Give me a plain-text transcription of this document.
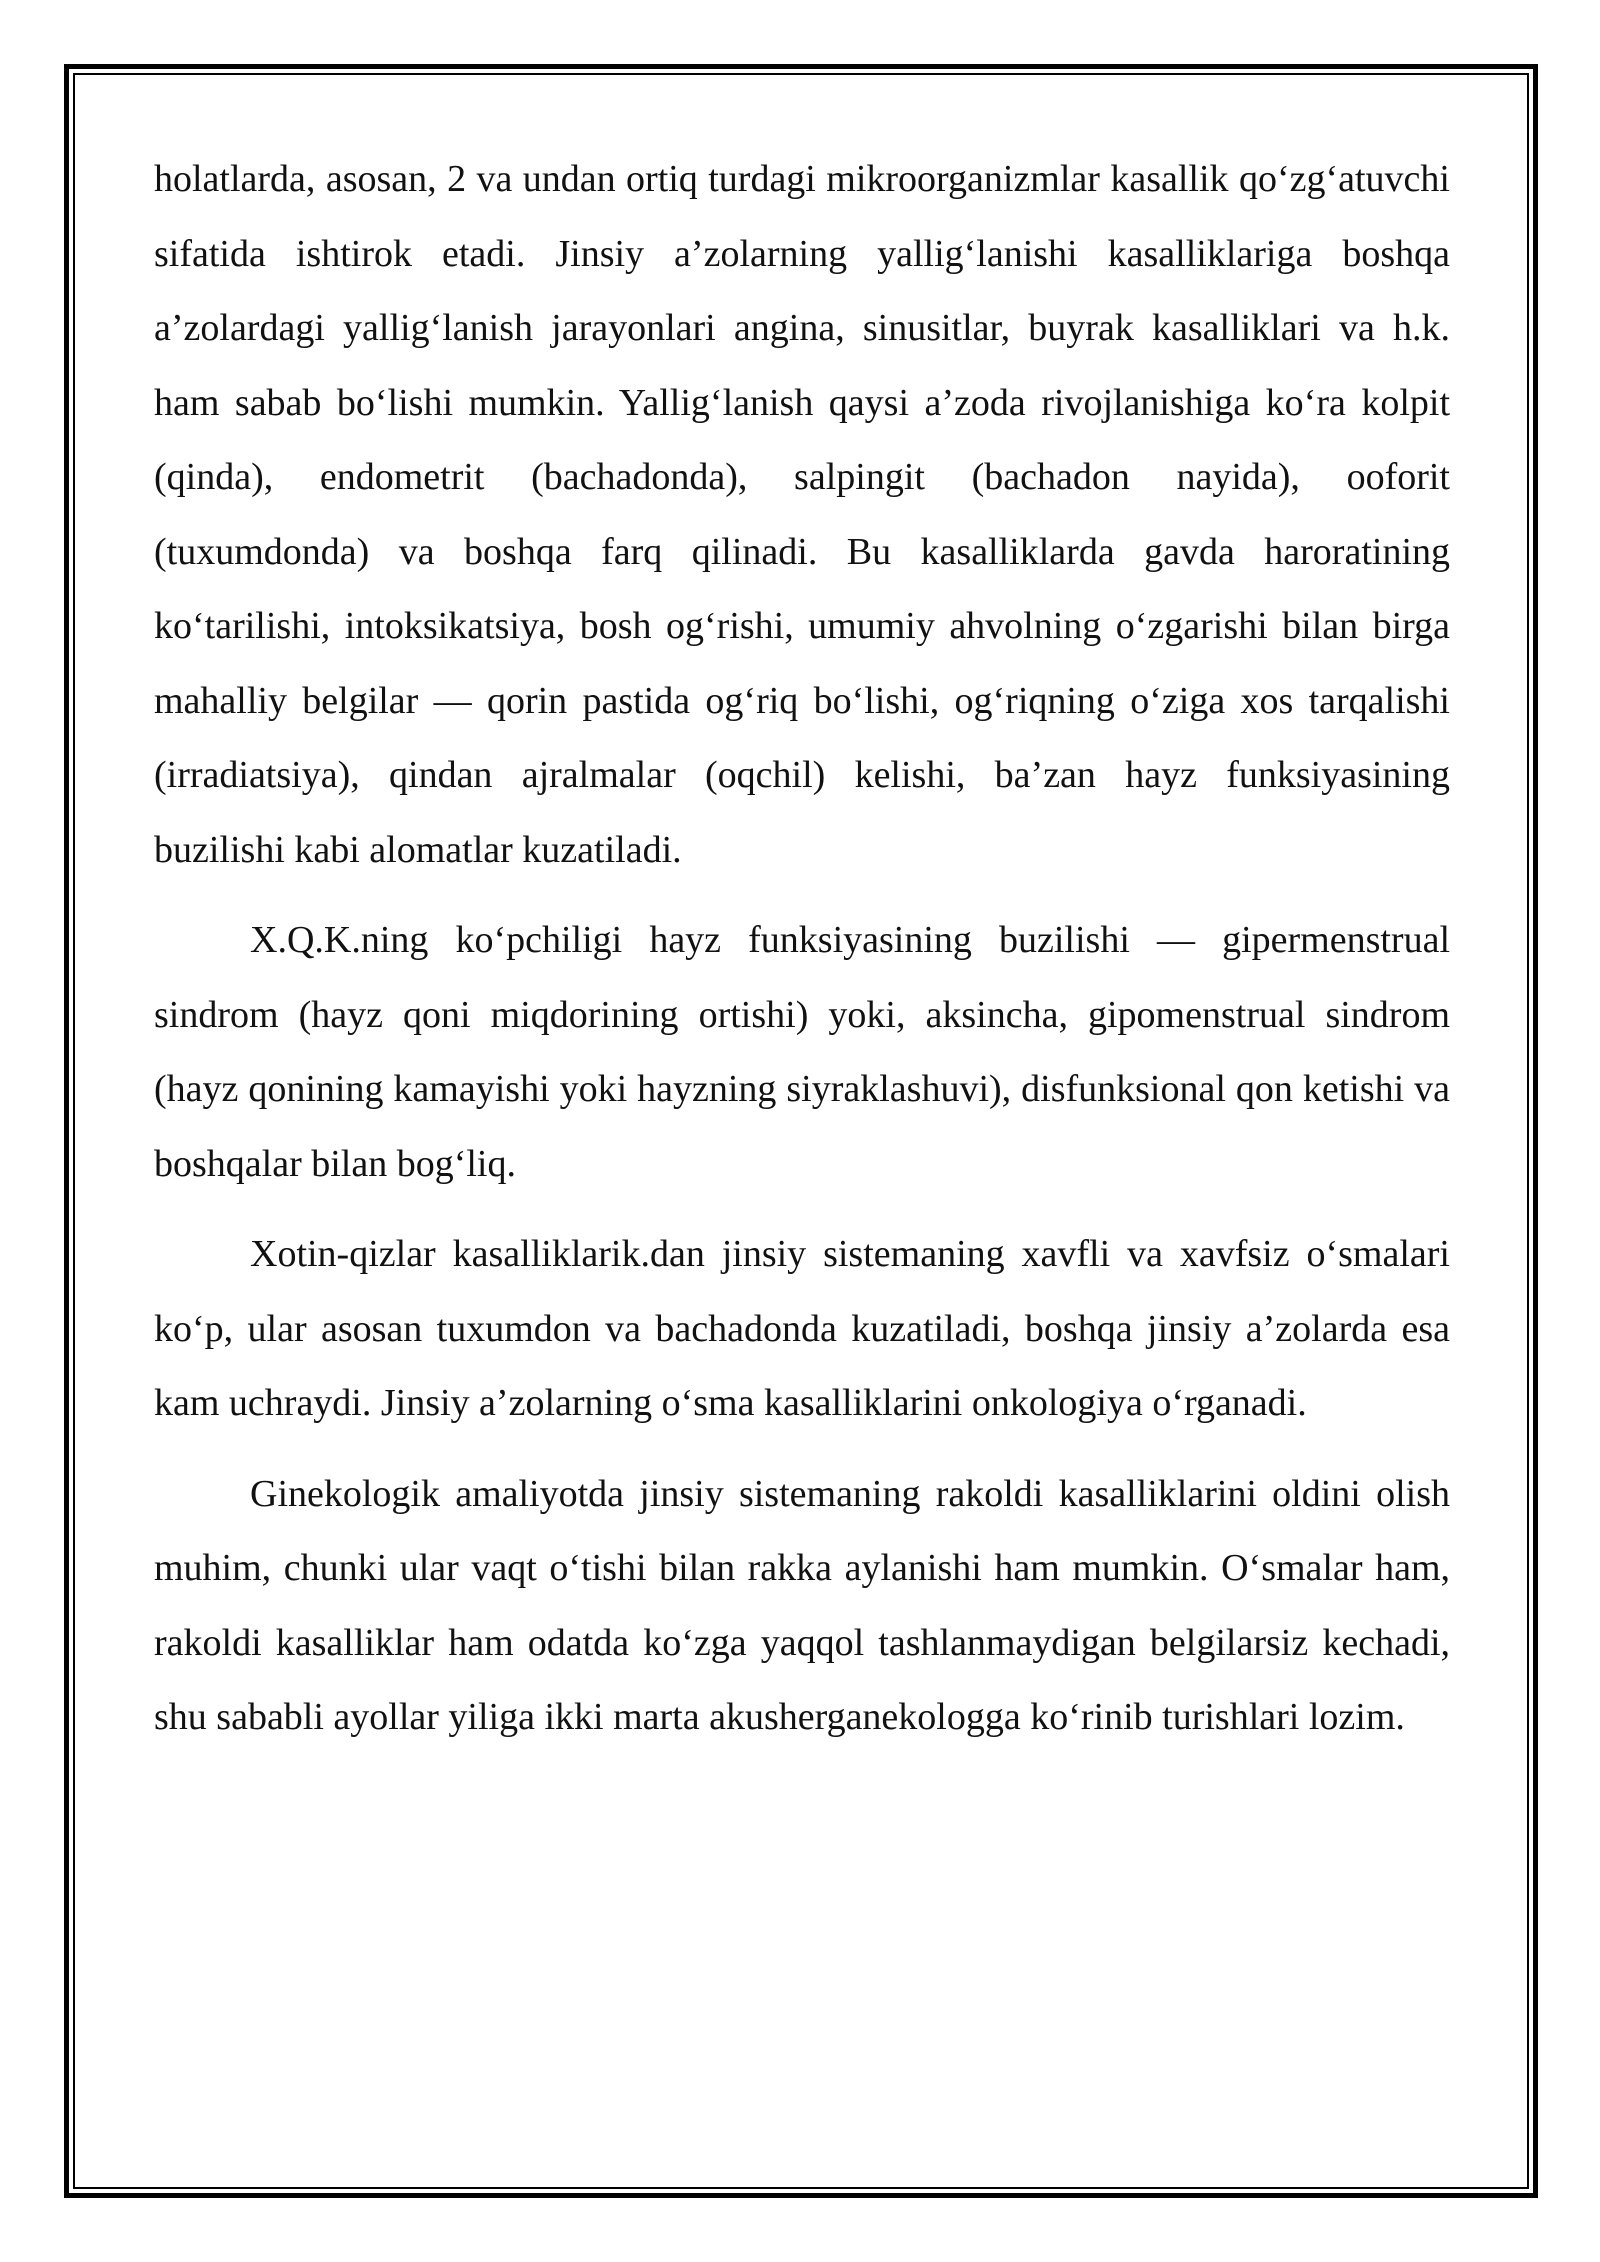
holatlarda, asosan, 2 va undan ortiq turdagi mikroorganizmlar kasallik qo‘zg‘atuvchi sifatida ishtirok etadi. Jinsiy a’zolarning yallig‘lanishi kasalliklariga boshqa a’zolardagi yallig‘lanish jarayonlari angina, sinusitlar, buyrak kasalliklari va h.k. ham sabab bo‘lishi mumkin. Yallig‘lanish qaysi a’zoda rivojlanishiga ko‘ra kolpit (qinda), endometrit (bachadonda), salpingit (bachadon nayida), ooforit (tuxumdonda) va boshqa farq qilinadi. Bu kasalliklarda gavda haroratining ko‘tarilishi, intoksikatsiya, bosh og‘rishi, umumiy ahvolning o‘zgarishi bilan birga mahalliy belgilar — qorin pastida og‘riq bo‘lishi, og‘riqning o‘ziga xos tarqalishi (irradiatsiya), qindan ajralmalar (oqchil) kelishi, ba’zan hayz funksiyasining buzilishi kabi alomatlar kuzatiladi.

X.Q.K.ning ko‘pchiligi hayz funksiyasining buzilishi — gipermenstrual sindrom (hayz qoni miqdorining ortishi) yoki, aksincha, gipomenstrual sindrom (hayz qonining kamayishi yoki hayzning siyraklashuvi), disfunksional qon ketishi va boshqalar bilan bog‘liq.

Xotin-qizlar kasalliklarik.dan jinsiy sistemaning xavfli va xavfsiz o‘smalari ko‘p, ular asosan tuxumdon va bachadonda kuzatiladi, boshqa jinsiy a’zolarda esa kam uchraydi. Jinsiy a’zolarning o‘sma kasalliklarini onkologiya o‘rganadi.

Ginekologik amaliyotda jinsiy sistemaning rakoldi kasalliklarini oldini olish muhim, chunki ular vaqt o‘tishi bilan rakka aylanishi ham mumkin. O‘smalar ham, rakoldi kasalliklar ham odatda ko‘zga yaqqol tashlanmaydigan belgilarsiz kechadi, shu sababli ayollar yiliga ikki marta akusherganekologga ko‘rinib turishlari lozim.
